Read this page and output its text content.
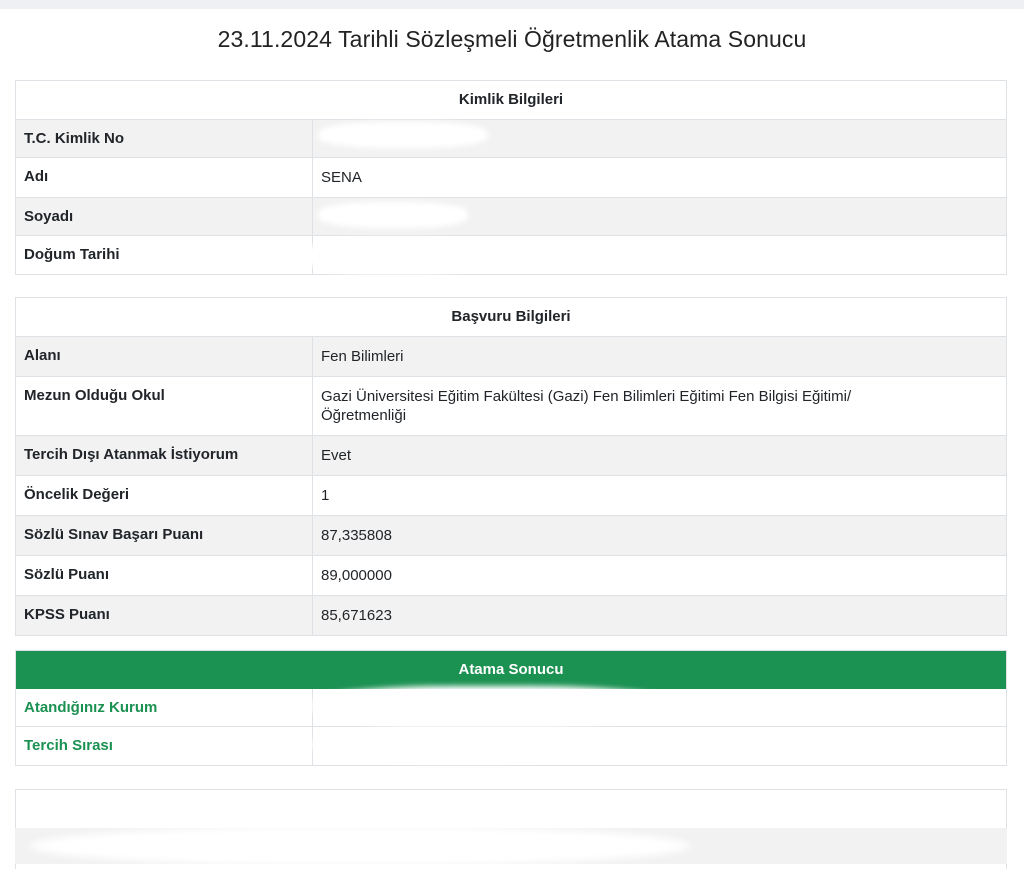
23.11.2024 Tarihli Sözleşmeli Öğretmenlik Atama Sonucu
Kimlik Bilgileri
T.C. Kimlik No
Adı	SENA
Soyadı
Doğum Tarihi
Başvuru Bilgileri
Alanı	Fen Bilimleri
Mezun Olduğu Okul	Gazi Üniversitesi Eğitim Fakültesi (Gazi) Fen Bilimleri Eğitimi Fen Bilgisi Eğitimi/ Öğretmenliği
Tercih Dışı Atanmak İstiyorum	Evet
Öncelik Değeri	1
Sözlü Sınav Başarı Puanı	87,335808
Sözlü Puanı	89,000000
KPSS Puanı	85,671623
Atama Sonucu
Atandığınız Kurum
Tercih Sırası
